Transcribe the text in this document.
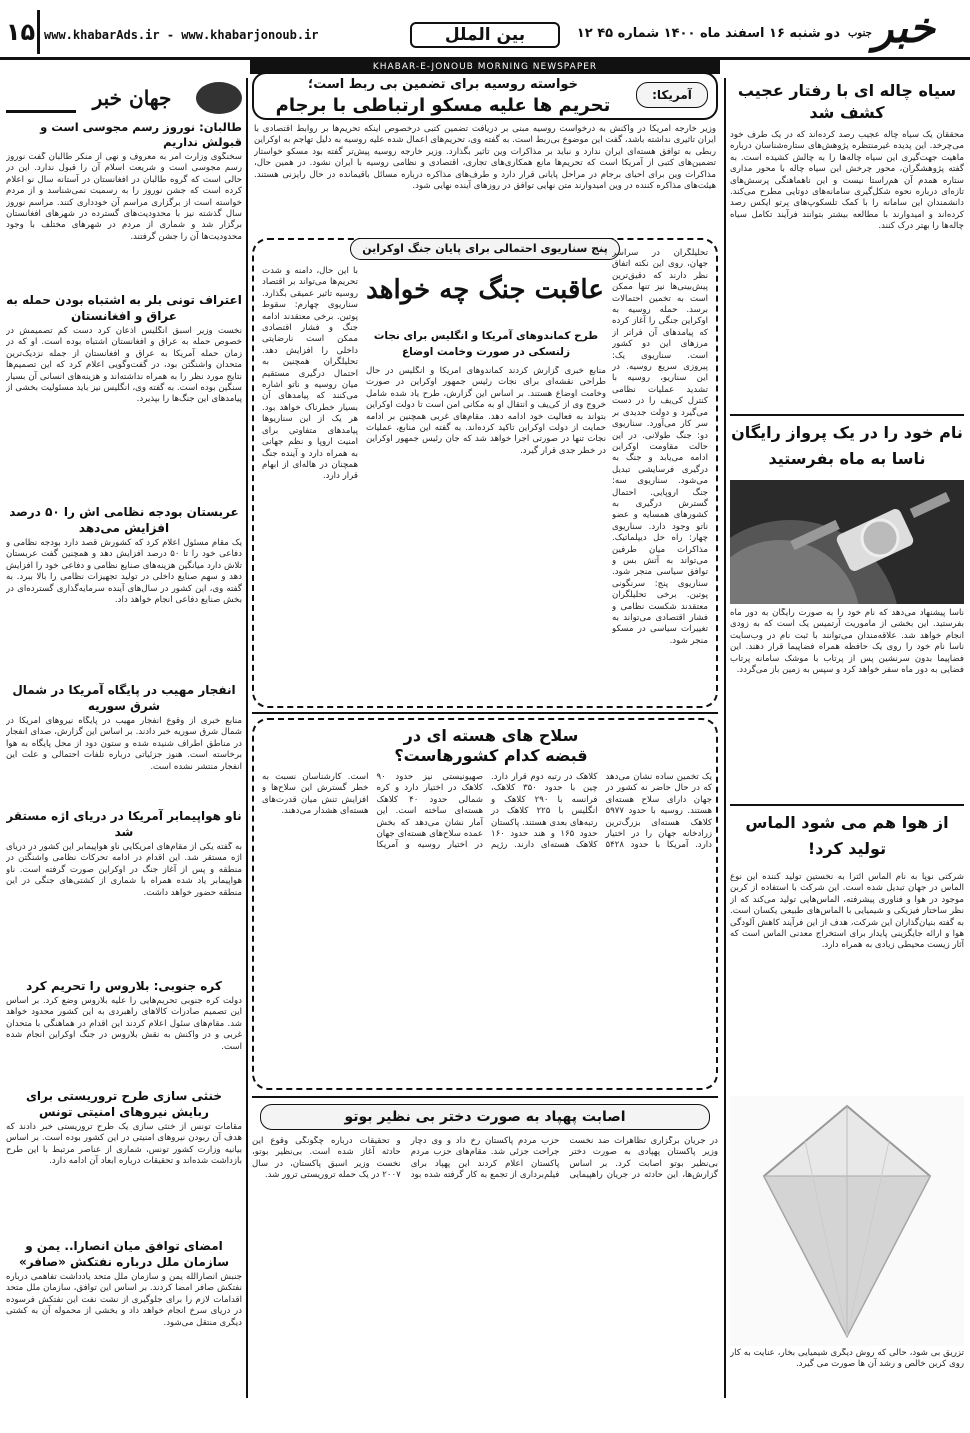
خبر
جنوب
دو شنبه ۱۶ اسفند ماه ۱۴۰۰ شماره ۴۵ ۱۲
بین الملل
www.khabarAds.ir - www.khabarjonoub.ir
۱۵
KHABAR-E-JONOUB MORNING NEWSPAPER
جهان خبر
طالبان: نوروز رسم مجوسی است و قبولش نداریم
سخنگوی وزارت امر به معروف و نهی از منکر طالبان گفت نوروز رسم مجوسی است و شریعت اسلام آن را قبول ندارد. این در حالی است که گروه طالبان در افغانستان در آستانه سال نو اعلام کرده است که جشن نوروز را به رسمیت نمی‌شناسد و از مردم خواسته است از برگزاری مراسم آن خودداری کنند. مراسم نوروز سال گذشته نیز با محدودیت‌های گسترده در شهرهای افغانستان برگزار شد و شماری از مردم در شهرهای مختلف با وجود محدودیت‌ها آن را جشن گرفتند.
اعتراف تونی بلر به اشتباه بودن حمله به عراق و افغانستان
نخست وزیر اسبق انگلیس اذعان کرد دست کم تصمیمش در خصوص حمله به عراق و افغانستان اشتباه بوده است. او که در زمان حمله آمریکا به عراق و افغانستان از جمله نزدیک‌ترین متحدان واشنگتن بود، در گفت‌وگویی اعلام کرد که این تصمیم‌ها نتایج مورد نظر را به همراه نداشته‌اند و هزینه‌های انسانی آن بسیار سنگین بوده است. به گفته وی، انگلیس نیز باید مسئولیت بخشی از پیامدهای این جنگ‌ها را بپذیرد.
عربستان بودجه نظامی اش را ۵۰ درصد افزایش می‌دهد
یک مقام مسئول اعلام کرد که کشورش قصد دارد بودجه نظامی و دفاعی خود را تا ۵۰ درصد افزایش دهد و همچنین گفت عربستان تلاش دارد میانگین هزینه‌های صنایع نظامی و دفاعی خود را افزایش دهد و سهم صنایع داخلی در تولید تجهیزات نظامی را بالا ببرد. به گفته وی، این کشور در سال‌های آینده سرمایه‌گذاری گسترده‌ای در بخش صنایع دفاعی انجام خواهد داد.
انفجار مهیب در پایگاه آمریکا در شمال شرق سوریه
منابع خبری از وقوع انفجار مهیب در پایگاه نیروهای آمریکا در شمال شرق سوریه خبر دادند. بر اساس این گزارش، صدای انفجار در مناطق اطراف شنیده شده و ستون دود از محل پایگاه به هوا برخاسته است. هنوز جزئیاتی درباره تلفات احتمالی و علت این انفجار منتشر نشده است.
ناو هواپیمابر آمریکا در دریای اژه مستقر شد
به گفته یکی از مقام‌های آمریکایی ناو هواپیمابر این کشور در دریای اژه مستقر شد. این اقدام در ادامه تحرکات نظامی واشنگتن در منطقه و پس از آغاز جنگ در اوکراین صورت گرفته است. ناو هواپیمابر یاد شده همراه با شماری از کشتی‌های جنگی در این منطقه حضور خواهد داشت.
کره جنوبی: بلاروس را تحریم کرد
دولت کره جنوبی تحریم‌هایی را علیه بلاروس وضع کرد. بر اساس این تصمیم صادرات کالاهای راهبردی به این کشور محدود خواهد شد. مقام‌های سئول اعلام کردند این اقدام در هماهنگی با متحدان غربی و در واکنش به نقش بلاروس در جنگ اوکراین انجام شده است.
خنثی سازی طرح تروریستی برای ربایش نیروهای امنیتی تونس
مقامات تونس از خنثی سازی یک طرح تروریستی خبر دادند که هدف آن ربودن نیروهای امنیتی در این کشور بوده است. بر اساس بیانیه وزارت کشور تونس، شماری از عناصر مرتبط با این طرح بازداشت شده‌اند و تحقیقات درباره ابعاد آن ادامه دارد.
امضای توافق میان انصارا.. یمن و سازمان ملل درباره نفتکش «صافر»
جنبش انصارالله یمن و سازمان ملل متحد یادداشت تفاهمی درباره نفتکش صافر امضا کردند. بر اساس این توافق، سازمان ملل متحد اقدامات لازم را برای جلوگیری از نشت نفت این نفتکش فرسوده در دریای سرخ انجام خواهد داد و بخشی از محموله آن به کشتی دیگری منتقل می‌شود.
آمریکا:
خواسته روسیه برای تضمین بی ربط است؛
تحریم ها علیه مسکو ارتباطی با برجام
وزیر خارجه آمریکا در واکنش به درخواست روسیه مبنی بر دریافت تضمین کتبی درخصوص اینکه تحریم‌ها بر روابط اقتصادی با ایران تاثیری نداشته باشد، گفت این موضوع بی‌ربط است. به گفته وی، تحریم‌های اعمال شده علیه روسیه به دلیل تهاجم به اوکراین ربطی به توافق هسته‌ای ایران ندارد و نباید بر مذاکرات وین تاثیر بگذارد. وزیر خارجه روسیه پیش‌تر گفته بود مسکو خواستار تضمین‌های کتبی از آمریکا است که تحریم‌ها مانع همکاری‌های تجاری، اقتصادی و نظامی روسیه با ایران نشود. در همین حال، مذاکرات وین برای احیای برجام در مراحل پایانی قرار دارد و طرف‌های مذاکره درباره مسائل باقیمانده در حال رایزنی هستند. هیئت‌های مذاکره کننده در وین امیدوارند متن نهایی توافق در روزهای آینده نهایی شود.
پنج سناریوی احتمالی برای پایان جنگ اوکراین
عاقبت جنگ چه خواهد
طرح کماندوهای آمریکا و انگلیس برای نجات زلنسکی در صورت وخامت اوضاع
تحلیلگران در سراسر جهان، روی این نکته اتفاق نظر دارند که دقیق‌ترین پیش‌بینی‌ها نیز تنها ممکن است به تخمین احتمالات برسد. حمله روسیه به اوکراین جنگی را آغاز کرده که پیامدهای آن فراتر از مرزهای این دو کشور است. سناریوی یک: پیروزی سریع روسیه. در این سناریو، روسیه با تشدید عملیات نظامی کنترل کی‌یف را در دست می‌گیرد و دولت جدیدی بر سر کار می‌آورد. سناریوی دو: جنگ طولانی. در این حالت مقاومت اوکراین ادامه می‌یابد و جنگ به درگیری فرسایشی تبدیل می‌شود. سناریوی سه: جنگ اروپایی. احتمال گسترش درگیری به کشورهای همسایه و عضو ناتو وجود دارد. سناریوی چهار: راه حل دیپلماتیک. مذاکرات میان طرفین می‌تواند به آتش بس و توافق سیاسی منجر شود. سناریوی پنج: سرنگونی پوتین. برخی تحلیلگران معتقدند شکست نظامی و فشار اقتصادی می‌تواند به تغییرات سیاسی در مسکو منجر شود.
منابع خبری گزارش کردند کماندوهای آمریکا و انگلیس در حال طراحی نقشه‌ای برای نجات رئیس جمهور اوکراین در صورت وخامت اوضاع هستند. بر اساس این گزارش، طرح یاد شده شامل خروج وی از کی‌یف و انتقال او به مکانی امن است تا دولت اوکراین بتواند به فعالیت خود ادامه دهد. مقام‌های غربی همچنین بر ادامه حمایت از دولت اوکراین تاکید کرده‌اند. به گفته این منابع، عملیات نجات تنها در صورتی اجرا خواهد شد که جان رئیس جمهور اوکراین در خطر جدی قرار گیرد.
با این حال، دامنه و شدت تحریم‌ها می‌تواند بر اقتصاد روسیه تاثیر عمیقی بگذارد. سناریوی چهارم: سقوط پوتین. برخی معتقدند ادامه جنگ و فشار اقتصادی ممکن است نارضایتی داخلی را افزایش دهد. تحلیلگران همچنین به احتمال درگیری مستقیم میان روسیه و ناتو اشاره می‌کنند که پیامدهای آن بسیار خطرناک خواهد بود. هر یک از این سناریوها پیامدهای متفاوتی برای امنیت اروپا و نظم جهانی به همراه دارد و آینده جنگ همچنان در هاله‌ای از ابهام قرار دارد.
سلاح های هسته ای در قبضه کدام کشورهاست؟
یک تخمین ساده نشان می‌دهد که در حال حاضر نه کشور در جهان دارای سلاح هسته‌ای هستند. روسیه با حدود ۵۹۷۷ کلاهک هسته‌ای بزرگ‌ترین زرادخانه جهان را در اختیار دارد. آمریکا با حدود ۵۴۲۸ کلاهک در رتبه دوم قرار دارد. چین با حدود ۳۵۰ کلاهک، فرانسه با ۲۹۰ کلاهک و انگلیس با ۲۲۵ کلاهک در رتبه‌های بعدی هستند. پاکستان حدود ۱۶۵ و هند حدود ۱۶۰ کلاهک هسته‌ای دارند. رژیم صهیونیستی نیز حدود ۹۰ کلاهک در اختیار دارد و کره شمالی حدود ۴۰ کلاهک هسته‌ای ساخته است. این آمار نشان می‌دهد که بخش عمده سلاح‌های هسته‌ای جهان در اختیار روسیه و آمریکا است. کارشناسان نسبت به خطر گسترش این سلاح‌ها و افزایش تنش میان قدرت‌های هسته‌ای هشدار می‌دهند.
سیاه چاله ای با رفتار عجیب کشف شد
محققان یک سیاه چاله عجیب رصد کرده‌اند که در یک طرف خود می‌چرخد. این پدیده غیرمنتظره پژوهش‌های ستاره‌شناسان درباره ماهیت جهت‌گیری این سیاه چاله‌ها را به چالش کشیده است. به گفته پژوهشگران، محور چرخش این سیاه چاله با محور مداری ستاره همدم آن هم‌راستا نیست و این ناهماهنگی پرسش‌های تازه‌ای درباره نحوه شکل‌گیری سامانه‌های دوتایی مطرح می‌کند. دانشمندان این سامانه را با کمک تلسکوپ‌های پرتو ایکس رصد کرده‌اند و امیدوارند با مطالعه بیشتر بتوانند فرآیند تکامل سیاه چاله‌ها را بهتر درک کنند.
نام خود را در یک پرواز رایگان ناسا به ماه بفرستید
ناسا پیشنهاد می‌دهد که نام خود را به صورت رایگان به دور ماه بفرستید. این بخشی از ماموریت آرتمیس یک است که به زودی انجام خواهد شد. علاقه‌مندان می‌توانند با ثبت نام در وب‌سایت ناسا نام خود را روی یک حافظه همراه فضاپیما قرار دهند. این فضاپیما بدون سرنشین پس از پرتاب با موشک سامانه پرتاب فضایی به دور ماه سفر خواهد کرد و سپس به زمین باز می‌گردد.
از هوا هم می شود الماس تولید کرد!
شرکتی نوپا به نام الماس آئترا به نخستین تولید کننده این نوع الماس در جهان تبدیل شده است. این شرکت با استفاده از کربن موجود در هوا و فناوری پیشرفته، الماس‌هایی تولید می‌کند که از نظر ساختار فیزیکی و شیمیایی با الماس‌های طبیعی یکسان است. به گفته بنیان‌گذاران این شرکت، هدف از این فرآیند کاهش آلودگی هوا و ارائه جایگزینی پایدار برای استخراج معدنی الماس است که آثار زیست محیطی زیادی به همراه دارد.
تزریق بی شود، حالی که روش دیگری شیمیایی بخار، عنایت به کار روی کربن خالص و رشد آن ها صورت می گیرد.
اصابت پهپاد به صورت دختر بی نظیر بوتو
در جریان برگزاری تظاهرات ضد نخست وزیر پاکستان پهپادی به صورت دختر بی‌نظیر بوتو اصابت کرد. بر اساس گزارش‌ها، این حادثه در جریان راهپیمایی حزب مردم پاکستان رخ داد و وی دچار جراحت جزئی شد. مقام‌های حزب مردم پاکستان اعلام کردند این پهپاد برای فیلم‌برداری از تجمع به کار گرفته شده بود و تحقیقات درباره چگونگی وقوع این حادثه آغاز شده است. بی‌نظیر بوتو، نخست وزیر اسبق پاکستان، در سال ۲۰۰۷ در یک حمله تروریستی ترور شد.
